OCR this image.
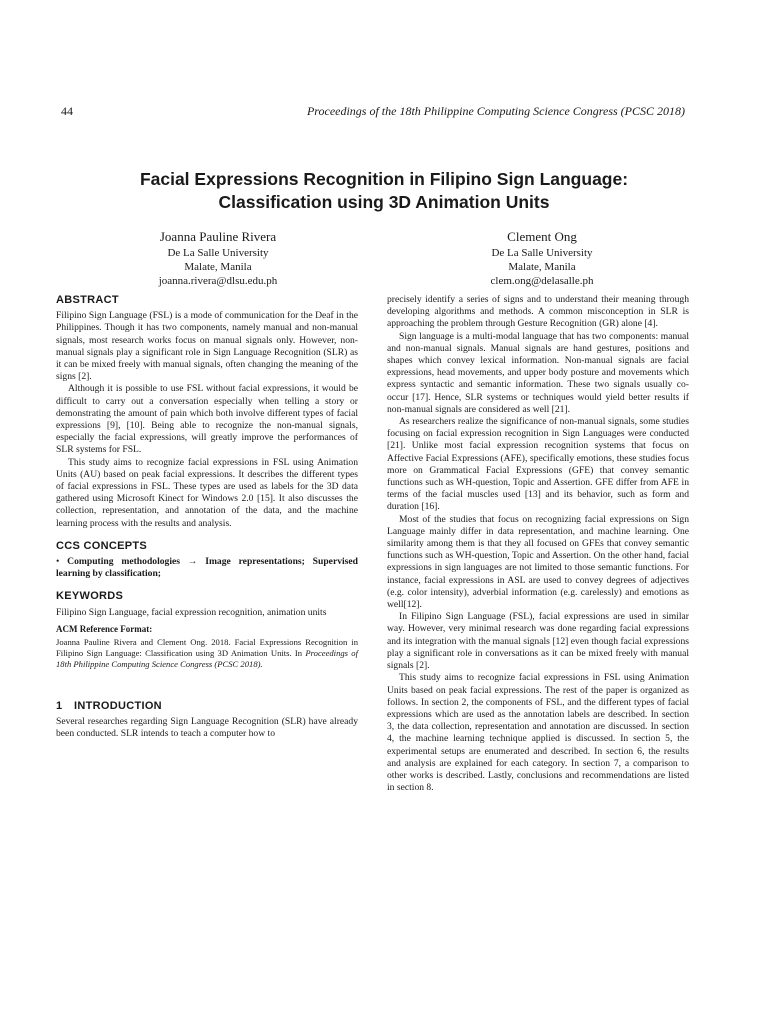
44	Proceedings of the 18th Philippine Computing Science Congress (PCSC 2018)
Facial Expressions Recognition in Filipino Sign Language:
Classification using 3D Animation Units
Joanna Pauline Rivera
De La Salle University
Malate, Manila
joanna.rivera@dlsu.edu.ph
Clement Ong
De La Salle University
Malate, Manila
clem.ong@delasalle.ph
ABSTRACT

Filipino Sign Language (FSL) is a mode of communication for the Deaf in the Philippines. Though it has two components, namely manual and non-manual signals, most research works focus on manual signals only. However, non-manual signals play a significant role in Sign Language Recognition (SLR) as it can be mixed freely with manual signals, often changing the meaning of the signs [2].

Although it is possible to use FSL without facial expressions, it would be difficult to carry out a conversation especially when telling a story or demonstrating the amount of pain which both involve different types of facial expressions [9], [10]. Being able to recognize the non-manual signals, especially the facial expressions, will greatly improve the performances of SLR systems for FSL.

This study aims to recognize facial expressions in FSL using Animation Units (AU) based on peak facial expressions. It describes the different types of facial expressions in FSL. These types are used as labels for the 3D data gathered using Microsoft Kinect for Windows 2.0 [15]. It also discusses the collection, representation, and annotation of the data, and the machine learning process with the results and analysis.

CCS CONCEPTS

• Computing methodologies → Image representations; Supervised learning by classification;

KEYWORDS

Filipino Sign Language, facial expression recognition, animation units

ACM Reference Format:

Joanna Pauline Rivera and Clement Ong. 2018. Facial Expressions Recognition in Filipino Sign Language: Classification using 3D Animation Units. In Proceedings of 18th Philippine Computing Science Congress (PCSC 2018).

1 INTRODUCTION

Several researches regarding Sign Language Recognition (SLR) have already been conducted. SLR intends to teach a computer how to

precisely identify a series of signs and to understand their meaning through developing algorithms and methods. A common misconception in SLR is approaching the problem through Gesture Recognition (GR) alone [4].

Sign language is a multi-modal language that has two components: manual and non-manual signals. Manual signals are hand gestures, positions and shapes which convey lexical information. Non-manual signals are facial expressions, head movements, and upper body posture and movements which express syntactic and semantic information. These two signals usually co-occur [17]. Hence, SLR systems or techniques would yield better results if non-manual signals are considered as well [21].

As researchers realize the significance of non-manual signals, some studies focusing on facial expression recognition in Sign Languages were conducted [21]. Unlike most facial expression recognition systems that focus on Affective Facial Expressions (AFE), specifically emotions, these studies focus more on Grammatical Facial Expressions (GFE) that convey semantic functions such as WH-question, Topic and Assertion. GFE differ from AFE in terms of the facial muscles used [13] and its behavior, such as form and duration [16].

Most of the studies that focus on recognizing facial expressions on Sign Language mainly differ in data representation, and machine learning. One similarity among them is that they all focused on GFEs that convey semantic functions such as WH-question, Topic and Assertion. On the other hand, facial expressions in sign languages are not limited to those semantic functions. For instance, facial expressions in ASL are used to convey degrees of adjectives (e.g. color intensity), adverbial information (e.g. carelessly) and emotions as well[12].

In Filipino Sign Language (FSL), facial expressions are used in similar way. However, very minimal research was done regarding facial expressions and its integration with the manual signals [12] even though facial expressions play a significant role in conversations as it can be mixed freely with manual signals [2].

This study aims to recognize facial expressions in FSL using Animation Units based on peak facial expressions. The rest of the paper is organized as follows. In section 2, the components of FSL, and the different types of facial expressions which are used as the annotation labels are described. In section 3, the data collection, representation and annotation are discussed. In section 4, the machine learning technique applied is discussed. In section 5, the experimental setups are enumerated and described. In section 6, the results and analysis are explained for each category. In section 7, a comparison to other works is described. Lastly, conclusions and recommendations are listed in section 8.
